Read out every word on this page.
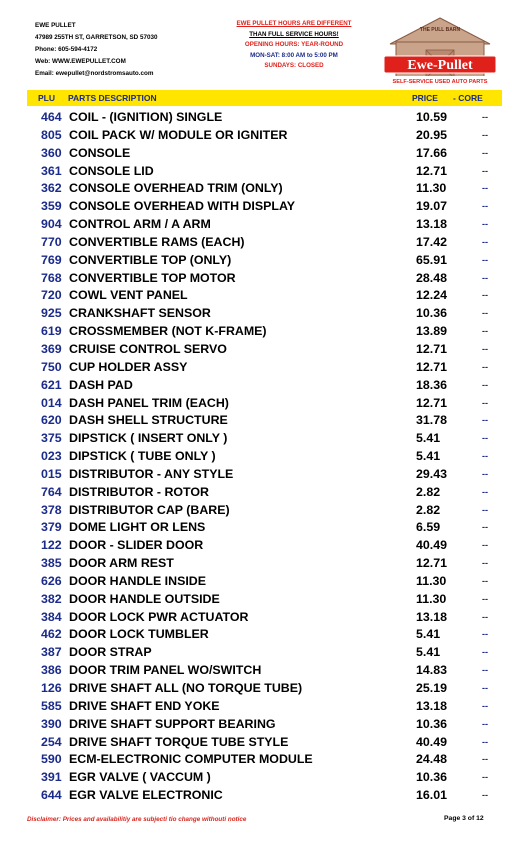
EWE PULLET
47989 255TH ST, GARRETSON, SD 57030
Phone: 605-594-4172
Web: WWW.EWEPULLET.COM
Email: ewepullet@nordstromsauto.com
EWE PULLET HOURS ARE DIFFERENT
THAN FULL SERVICE HOURS!
OPENING HOURS: YEAR-ROUND
MON-SAT: 8:00 AM to 5:00 PM
SUNDAYS: CLOSED
THE PULL BARN
Ewe-Pullet
SELF-SERVICE USED AUTO PARTS
PLU PARTS DESCRIPTION	PRICE - CORE
464 COIL - (IGNITION) SINGLE	10.59	--
805 COIL PACK W/ MODULE OR IGNITER	20.95	--
360 CONSOLE	17.66	--
361 CONSOLE LID	12.71	--
362 CONSOLE OVERHEAD TRIM (ONLY)	11.30	--
359 CONSOLE OVERHEAD WITH DISPLAY	19.07	--
904 CONTROL ARM / A ARM	13.18	--
770 CONVERTIBLE RAMS (EACH)	17.42	--
769 CONVERTIBLE TOP (ONLY)	65.91	--
768 CONVERTIBLE TOP MOTOR	28.48	--
720 COWL VENT PANEL	12.24	--
925 CRANKSHAFT SENSOR	10.36	--
619 CROSSMEMBER (NOT K-FRAME)	13.89	--
369 CRUISE CONTROL SERVO	12.71	--
750 CUP HOLDER ASSY	12.71	--
621 DASH PAD	18.36	--
014 DASH PANEL TRIM (EACH)	12.71	--
620 DASH SHELL STRUCTURE	31.78	--
375 DIPSTICK ( INSERT ONLY )	5.41	--
023 DIPSTICK ( TUBE ONLY )	5.41	--
015 DISTRIBUTOR - ANY STYLE	29.43	--
764 DISTRIBUTOR - ROTOR	2.82	--
378 DISTRIBUTOR CAP (BARE)	2.82	--
379 DOME LIGHT OR LENS	6.59	--
122 DOOR - SLIDER DOOR	40.49	--
385 DOOR ARM REST	12.71	--
626 DOOR HANDLE INSIDE	11.30	--
382 DOOR HANDLE OUTSIDE	11.30	--
384 DOOR LOCK PWR ACTUATOR	13.18	--
462 DOOR LOCK TUMBLER	5.41	--
387 DOOR STRAP	5.41	--
386 DOOR TRIM PANEL WO/SWITCH	14.83	--
126 DRIVE SHAFT ALL (NO TORQUE TUBE)	25.19	--
585 DRIVE SHAFT END YOKE	13.18	--
390 DRIVE SHAFT SUPPORT BEARING	10.36	--
254 DRIVE SHAFT TORQUE TUBE STYLE	40.49	--
590 ECM-ELECTRONIC COMPUTER MODULE	24.48	--
391 EGR VALVE ( VACCUM )	10.36	--
644 EGR VALVE ELECTRONIC	16.01	--
Disclaimer: Prices and availabilitiy are subjecti tio change withouti notice	Page 3 of 12
